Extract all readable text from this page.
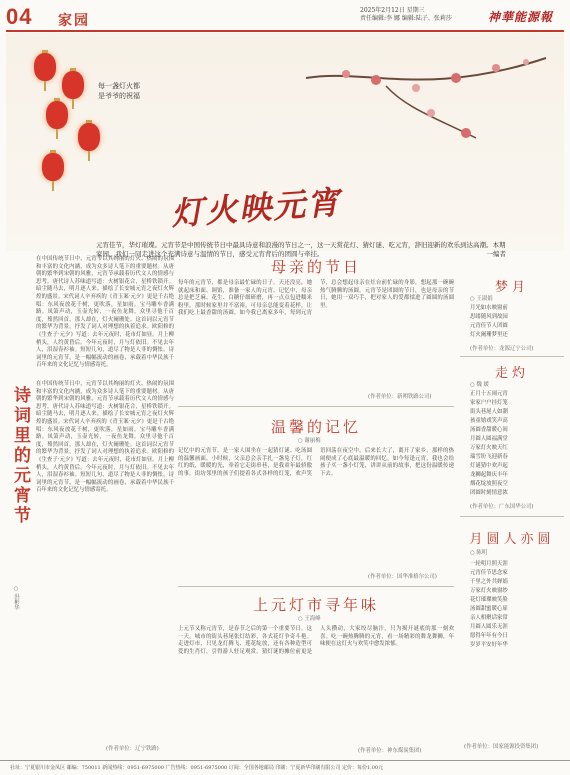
04 家园
2025年2月12日 星期三
责任编辑:李 娜 编辑:陆子、张莉莎	神華能源報
每一盏灯火都
是爷爷的祝福
灯火映元宵
元宵佳节，华灯璀璨。元宵节是中国传统节日中最具诗意和浪漫的节日之一，这一天赏花灯、猜灯谜、吃元宵，辞旧迎新的欢乐到达高潮。本期家园，我们一同走进这个充满诗意与温情的节日，感受元宵背后的团圆与牵挂。	一编者
在中国传统节日中，元宵节以其绚丽的灯火、热闹的氛围和丰富的文化内涵，成为众多诗人笔下的重要题材。从唐朝的繁华到宋朝的风雅，元宵节承载着历代文人的情感与思考。唐代诗人苏味道写道：火树银花合，星桥铁锁开。暗尘随马去，明月逐人来。描绘了长安城元宵之夜灯火辉煌的盛景。宋代词人辛弃疾的《青玉案·元夕》更是千古绝唱：东风夜放花千树，更吹落，星如雨。宝马雕车香满路。凤箫声动，玉壶光转，一夜鱼龙舞。众里寻他千百度，蓦然回首，那人却在，灯火阑珊处。这首词以元宵节的繁华为背景，抒发了词人对理想的执着追求。欧阳修的《生查子·元夕》写道：去年元夜时，花市灯如昼。月上柳梢头，人约黄昏后。今年元夜时，月与灯依旧。不见去年人，泪湿春衫袖。短短几句，道尽了物是人非的惆怅。诗词里的元宵节，是一幅幅流动的画卷，承载着中华民族千百年来的文化记忆与情感寄托。
诗词里的元宵节
○ 洪彬华
在中国传统节日中，元宵节以其绚丽的灯火、热闹的氛围和丰富的文化内涵，成为众多诗人笔下的重要题材。从唐朝的繁华到宋朝的风雅，元宵节承载着历代文人的情感与思考。唐代诗人苏味道写道：火树银花合，星桥铁锁开。暗尘随马去，明月逐人来。描绘了长安城元宵之夜灯火辉煌的盛景。宋代词人辛弃疾的《青玉案·元夕》更是千古绝唱：东风夜放花千树，更吹落，星如雨。宝马雕车香满路。凤箫声动，玉壶光转，一夜鱼龙舞。众里寻他千百度，蓦然回首，那人却在，灯火阑珊处。这首词以元宵节的繁华为背景，抒发了词人对理想的执着追求。欧阳修的《生查子·元夕》写道：去年元夜时，花市灯如昼。月上柳梢头，人约黄昏后。今年元夜时，月与灯依旧。不见去年人，泪湿春衫袖。短短几句，道尽了物是人非的惆怅。诗词里的元宵节，是一幅幅流动的画卷，承载着中华民族千百年来的文化记忆与情感寄托。
(作者单位：辽宁铁路)
母亲的节日
每年的元宵节，都是母亲最忙碌的日子。天还没亮，她就起床和面、调馅，准备一家人的元宵。记忆中，母亲总是把芝麻、花生、白糖仔细研磨，再一点点包进糯米粉里。那时候家里并不富裕，可母亲总能变着花样，让我们吃上最香甜的汤圆。如今我已离家多年，每到元宵节，总会想起母亲在灶台前忙碌的身影，想起那一碗碗热气腾腾的汤圆。元宵节是团圆的节日，也是母亲的节日，她用一双巧手，把对家人的爱都揉进了圆圆的汤圆里。
(作者单位：新朔铁路公司)
温馨的记忆
○ 谢丽梅
记忆中的元宵节，是一家人围坐在一起猜灯谜、吃汤圆的温馨画面。小时候，父亲总会亲手扎一盏兔子灯，红红的纸，暖暖的光，牵着它走街串巷，是我童年最骄傲的事。街坊邻里的孩子们提着各式各样的灯笼，欢声笑语回荡在夜空中。后来长大了，离开了家乡，那样的热闹便成了心底最温暖的回忆。如今每逢元宵，我也会给孩子买一盏小灯笼，讲讲从前的故事，把这份温暖传递下去。
(作者单位：国华准格尔公司)
上元灯市寻年味
○ 王海峰
上元节又称元宵节，是春节之后的第一个重要节日。这一天，城市的街头巷尾张灯结彩，各式花灯争奇斗艳。走进灯市，只见龙灯腾飞、莲花绽放，还有各种造型可爱的生肖灯，引得游人驻足观赏。猜灯谜的摊位前更是人头攒动，大家绞尽脑汁，只为揭开谜底的那一刻欢喜。吃一碗热腾腾的元宵，看一场精彩的舞龙舞狮，年味便在这灯火与欢笑中愈发浓郁。
(作者单位：神东煤炭集团)
梦月
○ 王淑娟
月光如水映窗前
思绪随风到故园
元宵佳节人团圆
灯火阑珊梦里还
(作者单位：龙源辽宁公司)
走灼
○ 魏 媛
正月十五闹元宵
家家户户挂灯笼
街头巷尾人如潮
孩童嬉戏笑声高
汤圆香甜暖心间
月圆人圆福满堂
万家灯火映天红
瑞雪纷飞迎新春
灯谜猜中欢声起
龙狮起舞庆丰年
烟花绽放照夜空
团圆时刻情意浓
(作者单位：广东国华公司)
月圆人亦圆
○ 陈明
一轮明月照天涯
元宵佳节思念家
千里之外共婵娟
万家灯火映窗纱
花灯璀璨映笑脸
汤圆甜蜜暖心扉
亲人相聚话家常
月圆人圆乐无涯
愿得年年有今日
岁岁平安好年华
(作者单位：国家能源投资集团)
社址：宁夏银川市金凤区 邮编：750011 新闻热线：0951-6975000 广告热线：0951-6975000 订阅：全国各地邮局 印刷：宁夏新华印刷有限公司 定价：每份1.00元
